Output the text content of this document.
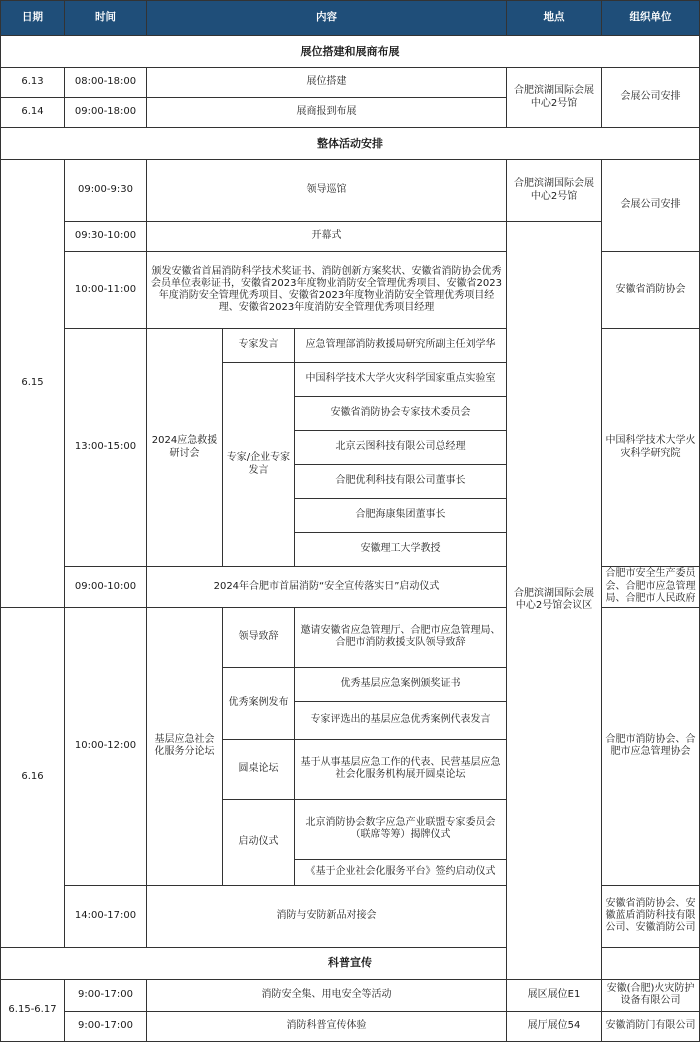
日期	时间	内容			地点	组织单位
展位搭建和展商布展						
6.13	08:00-18:00	展位搭建			合肥滨湖国际会展中心2号馆	会展公司安排
6.14	09:00-18:00	展商报到布展				
整体活动安排						
6.15	09:00-9:30	领导巡馆			合肥滨湖国际会展中心2号馆	会展公司安排
	09:30-10:00	开幕式			合肥滨湖国际会展中心2号馆会议区	
	10:00-11:00	颁发安徽省首届消防科学技术奖证书、消防创新方案奖状、安徽省消防协会优秀会员单位表彰证书，安徽省2023年度物业消防安全管理优秀项目、安徽省2023年度消防安全管理优秀项目、安徽省2023年度物业消防安全管理优秀项目经理、安徽省2023年度消防安全管理优秀项目经理				安徽省消防协会
	13:00-15:00	2024应急救援研讨会	专家发言	应急管理部消防救援局研究所副主任刘学华		中国科学技术大学火灾科学研究院
			专家/企业专家发言	中国科学技术大学火灾科学国家重点实验室		
				安徽省消防协会专家技术委员会		
				北京云图科技有限公司总经理		
				合肥优利科技有限公司董事长		
				合肥海康集团董事长		
				安徽理工大学教授		
	09:00-10:00	2024年合肥市首届消防“安全宣传落实日”启动仪式				合肥市安全生产委员会、合肥市应急管理局、合肥市人民政府
6.16	10:00-12:00	基层应急社会化服务分论坛	领导致辞	邀请安徽省应急管理厅、合肥市应急管理局、合肥市消防救援支队领导致辞		合肥市消防协会、合肥市应急管理协会
			优秀案例发布	优秀基层应急案例颁奖证书		
				专家评选出的基层应急优秀案例代表发言		
			圆桌论坛	基于从事基层应急工作的代表、民营基层应急社会化服务机构展开圆桌论坛		
			启动仪式	北京消防协会数字应急产业联盟专家委员会（联席等筹）揭牌仪式		
				《基于企业社会化服务平台》签约启动仪式		
	14:00-17:00	消防与安防新品对接会				安徽省消防协会、安徽蓝盾消防科技有限公司、安徽消防公司
科普宣传						
6.15-6.17	9:00-17:00	消防安全集、用电安全等活动			展区展位E1	安徽(合肥)火灾防护设备有限公司
	9:00-17:00	消防科普宣传体验			展厅展位54	安徽消防门有限公司
